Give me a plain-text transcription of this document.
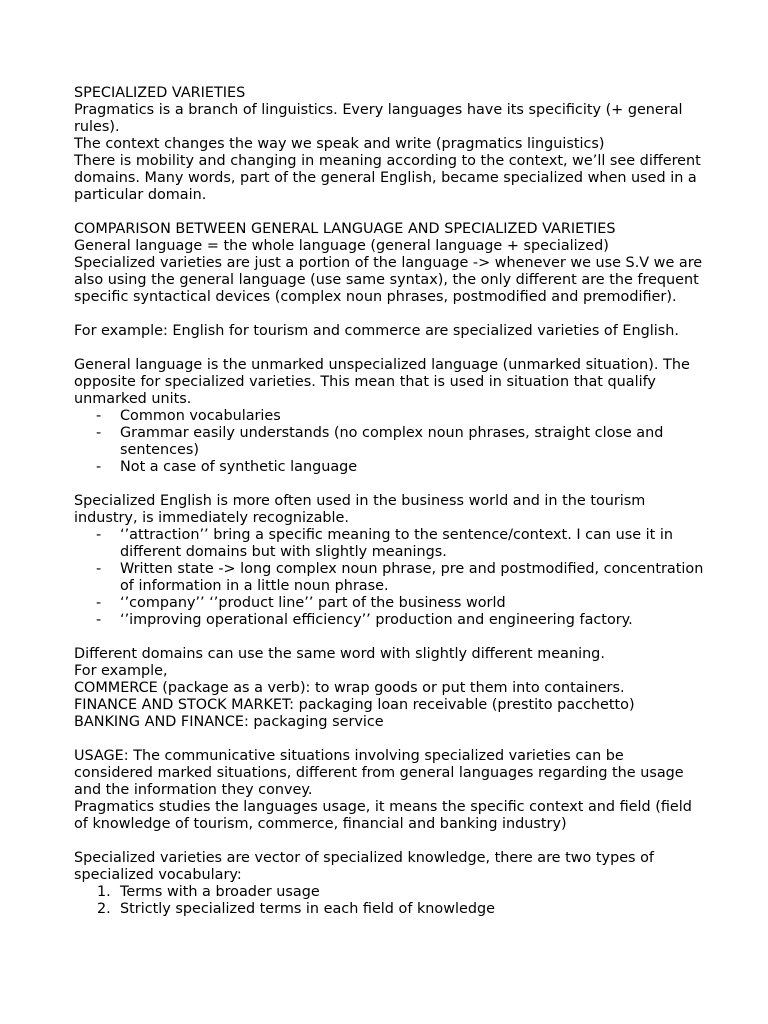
SPECIALIZED VARIETIES

Pragmatics is a branch of linguistics. Every languages have its specificity (+ general rules).

The context changes the way we speak and write (pragmatics linguistics)

There is mobility and changing in meaning according to the context, we’ll see different domains. Many words, part of the general English, became specialized when used in a particular domain.

COMPARISON BETWEEN GENERAL LANGUAGE AND SPECIALIZED VARIETIES

General language = the whole language (general language + specialized)

Specialized varieties are just a portion of the language -> whenever we use S.V we are also using the general language (use same syntax), the only different are the frequent specific syntactical devices (complex noun phrases, postmodified and premodifier).

For example: English for tourism and commerce are specialized varieties of English.

General language is the unmarked unspecialized language (unmarked situation). The opposite for specialized varieties. This mean that is used in situation that qualify unmarked units.

- Common vocabularies
- Grammar easily understands (no complex noun phrases, straight close and sentences)
- Not a case of synthetic language

Specialized English is more often used in the business world and in the tourism industry, is immediately recognizable.

- ‘’attraction’’ bring a specific meaning to the sentence/context. I can use it in different domains but with slightly meanings.
- Written state -> long complex noun phrase, pre and postmodified, concentration of information in a little noun phrase.
- ‘’company’’ ‘’product line’’ part of the business world
- ‘’improving operational efficiency’’ production and engineering factory.

Different domains can use the same word with slightly different meaning.

For example,

COMMERCE (package as a verb): to wrap goods or put them into containers.

FINANCE AND STOCK MARKET: packaging loan receivable (prestito pacchetto)

BANKING AND FINANCE: packaging service

USAGE: The communicative situations involving specialized varieties can be considered marked situations, different from general languages regarding the usage and the information they convey.

Pragmatics studies the languages usage, it means the specific context and field (field of knowledge of tourism, commerce, financial and banking industry)

Specialized varieties are vector of specialized knowledge, there are two types of specialized vocabulary:

1. Terms with a broader usage
2. Strictly specialized terms in each field of knowledge
